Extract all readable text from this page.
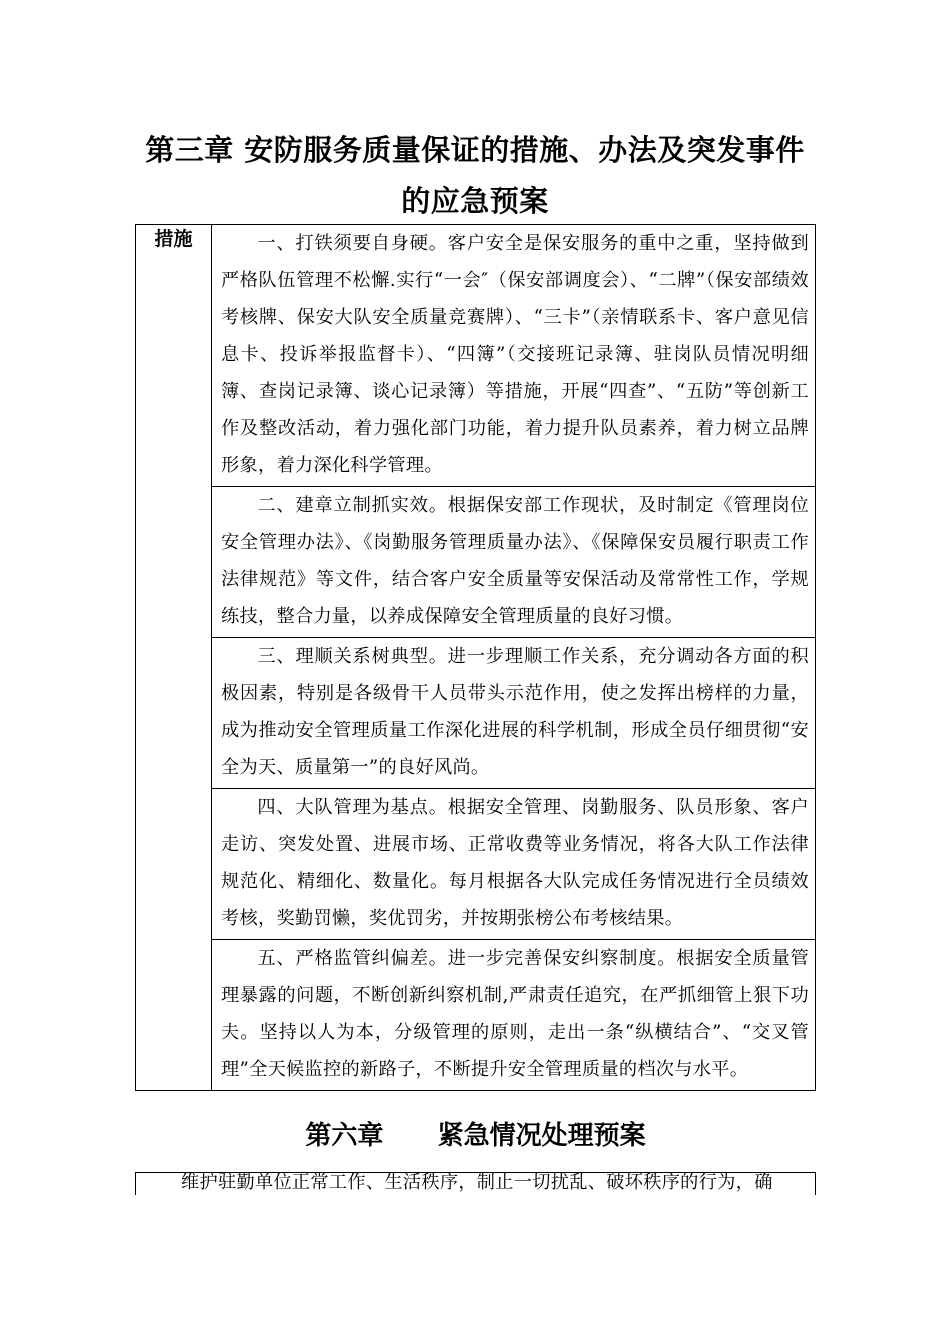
第三章 安防服务质量保证的措施、办法及突发事件
的应急预案
措施	一、打铁须要自身硬。客户安全是保安服务的重中之重，坚持做到严格队伍管理不松懈.实行“一会″（保安部调度会）、“二牌”（保安部绩效考核牌、保安大队安全质量竞赛牌）、“三卡”（亲情联系卡、客户意见信息卡、投诉举报监督卡）、“四簿”（交接班记录簿、驻岗队员情况明细簿、查岗记录簿、谈心记录簿）等措施，开展“四查”、“五防”等创新工作及整改活动，着力强化部门功能，着力提升队员素养，着力树立品牌形象，着力深化科学管理。

二、建章立制抓实效。根据保安部工作现状，及时制定《管理岗位安全管理办法》、《岗勤服务管理质量办法》、《保障保安员履行职责工作法律规范》等文件，结合客户安全质量等安保活动及常常性工作，学规练技，整合力量，以养成保障安全管理质量的良好习惯。

三、理顺关系树典型。进一步理顺工作关系，充分调动各方面的积极因素，特别是各级骨干人员带头示范作用，使之发挥出榜样的力量，成为推动安全管理质量工作深化进展的科学机制，形成全员仔细贯彻“安全为天、质量第一”的良好风尚。

四、大队管理为基点。根据安全管理、岗勤服务、队员形象、客户走访、突发处置、进展市场、正常收费等业务情况，将各大队工作法律规范化、精细化、数量化。每月根据各大队完成任务情况进行全员绩效考核，奖勤罚懒，奖优罚劣，并按期张榜公布考核结果。

五、严格监管纠偏差。进一步完善保安纠察制度。根据安全质量管理暴露的问题，不断创新纠察机制,严肃责任追究，在严抓细管上狠下功夫。坚持以人为本，分级管理的原则，走出一条“纵横结合”、“交叉管理”全天候监控的新路子，不断提升安全管理质量的档次与水平。
第六章      紧急情况处理预案
维护驻勤单位正常工作、生活秩序，制止一切扰乱、破坏秩序的行为，确
